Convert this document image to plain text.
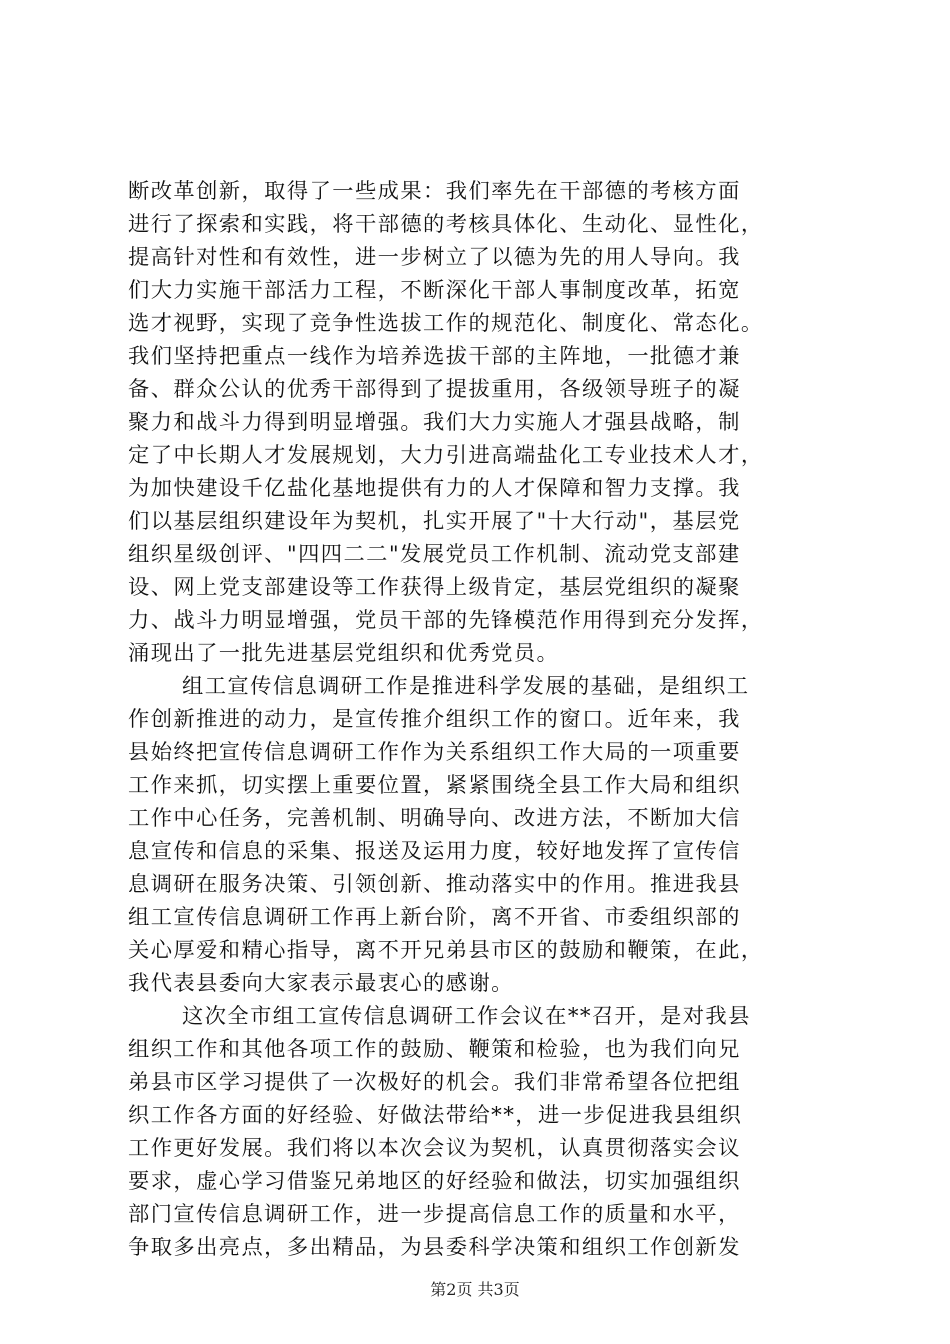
断改革创新，取得了一些成果：我们率先在干部德的考核方面
进行了探索和实践，将干部德的考核具体化、生动化、显性化，
提高针对性和有效性，进一步树立了以德为先的用人导向。我
们大力实施干部活力工程，不断深化干部人事制度改革，拓宽
选才视野，实现了竞争性选拔工作的规范化、制度化、常态化。
我们坚持把重点一线作为培养选拔干部的主阵地，一批德才兼
备、群众公认的优秀干部得到了提拔重用，各级领导班子的凝
聚力和战斗力得到明显增强。我们大力实施人才强县战略，制
定了中长期人才发展规划，大力引进高端盐化工专业技术人才，
为加快建设千亿盐化基地提供有力的人才保障和智力支撑。我
们以基层组织建设年为契机，扎实开展了"十大行动"，基层党
组织星级创评、"四四二二"发展党员工作机制、流动党支部建
设、网上党支部建设等工作获得上级肯定，基层党组织的凝聚
力、战斗力明显增强，党员干部的先锋模范作用得到充分发挥，
涌现出了一批先进基层党组织和优秀党员。
组工宣传信息调研工作是推进科学发展的基础，是组织工
作创新推进的动力，是宣传推介组织工作的窗口。近年来，我
县始终把宣传信息调研工作作为关系组织工作大局的一项重要
工作来抓，切实摆上重要位置，紧紧围绕全县工作大局和组织
工作中心任务，完善机制、明确导向、改进方法，不断加大信
息宣传和信息的采集、报送及运用力度，较好地发挥了宣传信
息调研在服务决策、引领创新、推动落实中的作用。推进我县
组工宣传信息调研工作再上新台阶，离不开省、市委组织部的
关心厚爱和精心指导，离不开兄弟县市区的鼓励和鞭策，在此，
我代表县委向大家表示最衷心的感谢。
这次全市组工宣传信息调研工作会议在**召开，是对我县
组织工作和其他各项工作的鼓励、鞭策和检验，也为我们向兄
弟县市区学习提供了一次极好的机会。我们非常希望各位把组
织工作各方面的好经验、好做法带给**，进一步促进我县组织
工作更好发展。我们将以本次会议为契机，认真贯彻落实会议
要求，虚心学习借鉴兄弟地区的好经验和做法，切实加强组织
部门宣传信息调研工作，进一步提高信息工作的质量和水平，
争取多出亮点，多出精品，为县委科学决策和组织工作创新发
第2页 共3页
